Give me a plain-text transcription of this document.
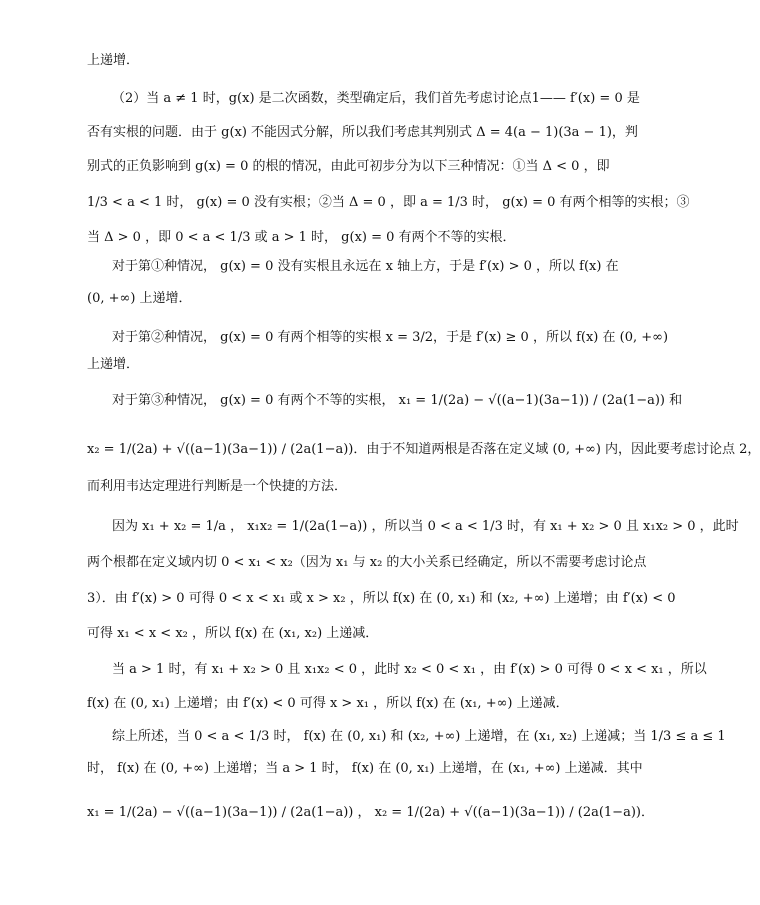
上递增．
（2）当 a ≠ 1 时，g(x) 是二次函数，类型确定后，我们首先考虑讨论点1—— f′(x) = 0 是
否有实根的问题．由于 g(x) 不能因式分解，所以我们考虑其判别式 Δ = 4(a − 1)(3a − 1)，判
别式的正负影响到 g(x) = 0 的根的情况，由此可初步分为以下三种情况：①当 Δ < 0 ，即
1/3 < a < 1 时， g(x) = 0 没有实根；②当 Δ = 0 ，即 a = 1/3 时， g(x) = 0 有两个相等的实根；③
当 Δ > 0 ，即 0 < a < 1/3 或 a > 1 时， g(x) = 0 有两个不等的实根．
对于第①种情况， g(x) = 0 没有实根且永远在 x 轴上方，于是 f′(x) > 0 ，所以 f(x) 在
(0, +∞) 上递增．
对于第②种情况， g(x) = 0 有两个相等的实根 x = 3/2，于是 f′(x) ≥ 0 ，所以 f(x) 在 (0, +∞)
上递增．
对于第③种情况， g(x) = 0 有两个不等的实根， x₁ = 1/(2a) − √((a−1)(3a−1)) / (2a(1−a)) 和
x₂ = 1/(2a) + √((a−1)(3a−1)) / (2a(1−a))．由于不知道两根是否落在定义域 (0, +∞) 内，因此要考虑讨论点 2，
而利用韦达定理进行判断是一个快捷的方法．
因为 x₁ + x₂ = 1/a ， x₁x₂ = 1/(2a(1−a)) ，所以当 0 < a < 1/3 时，有 x₁ + x₂ > 0 且 x₁x₂ > 0 ，此时
两个根都在定义域内切 0 < x₁ < x₂（因为 x₁ 与 x₂ 的大小关系已经确定，所以不需要考虑讨论点
3）．由 f′(x) > 0 可得 0 < x < x₁ 或 x > x₂ ，所以 f(x) 在 (0, x₁) 和 (x₂, +∞) 上递增；由 f′(x) < 0
可得 x₁ < x < x₂ ，所以 f(x) 在 (x₁, x₂) 上递减．
当 a > 1 时，有 x₁ + x₂ > 0 且 x₁x₂ < 0 ，此时 x₂ < 0 < x₁ ，由 f′(x) > 0 可得 0 < x < x₁ ，所以
f(x) 在 (0, x₁) 上递增；由 f′(x) < 0 可得 x > x₁ ，所以 f(x) 在 (x₁, +∞) 上递减．
综上所述，当 0 < a < 1/3 时， f(x) 在 (0, x₁) 和 (x₂, +∞) 上递增，在 (x₁, x₂) 上递减；当 1/3 ≤ a ≤ 1
时， f(x) 在 (0, +∞) 上递增；当 a > 1 时， f(x) 在 (0, x₁) 上递增，在 (x₁, +∞) 上递减．其中
x₁ = 1/(2a) − √((a−1)(3a−1)) / (2a(1−a)) ， x₂ = 1/(2a) + √((a−1)(3a−1)) / (2a(1−a))．
